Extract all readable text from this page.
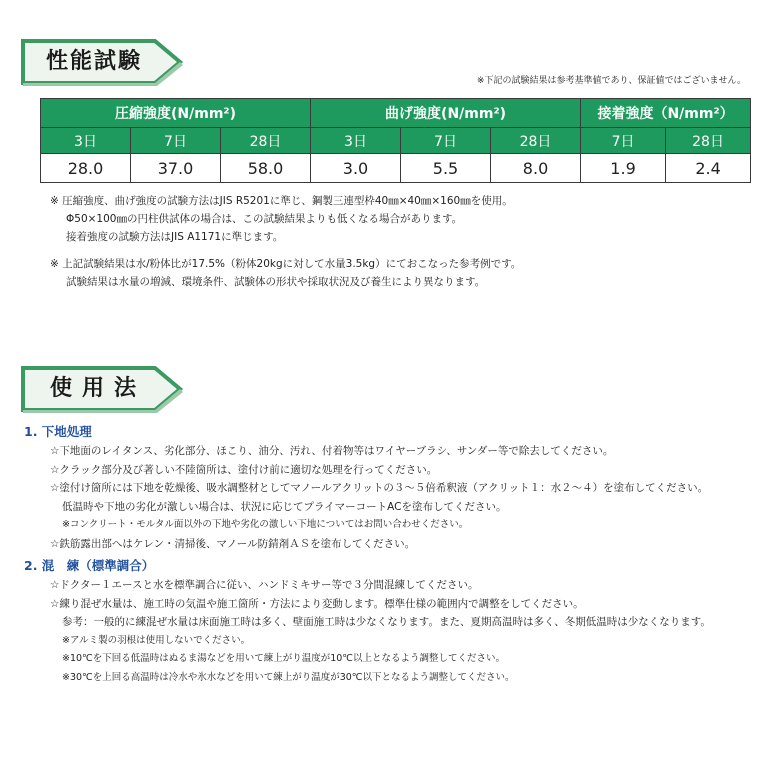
性能試験
※下記の試験結果は参考基準値であり、保証値ではございません。
圧縮強度(N/mm²)			曲げ強度(N/mm²)			接着強度（N/mm²）	
3日	7日	28日	3日	7日	28日	7日	28日
28.0	37.0	58.0	3.0	5.5	8.0	1.9	2.4
※ 圧縮強度、曲げ強度の試験方法はJIS R5201に準じ、鋼製三連型枠40㎜×40㎜×160㎜を使用。
Φ50×100㎜の円柱供試体の場合は、この試験結果よりも低くなる場合があります。
接着強度の試験方法はJIS A1171に準じます。
※ 上記試験結果は水/粉体比が17.5%（粉体20kgに対して水量3.5kg）にておこなった参考例です。
試験結果は水量の増減、環境条件、試験体の形状や採取状況及び養生により異なります。
使用法
1. 下地処理
☆下地面のレイタンス、劣化部分、ほこり、油分、汚れ、付着物等はワイヤーブラシ、サンダー等で除去してください。
☆クラック部分及び著しい不陸箇所は、塗付け前に適切な処理を行ってください。
☆塗付け箇所には下地を乾燥後、吸水調整材としてマノールアクリットの３～５倍希釈液（アクリット１：水２～４）を塗布してください。
低温時や下地の劣化が激しい場合は、状況に応じてプライマーコートACを塗布してください。
※コンクリート・モルタル面以外の下地や劣化の激しい下地についてはお問い合わせください。
☆鉄筋露出部へはケレン・清掃後、マノール防錆剤ＡＳを塗布してください。
2. 混　練（標準調合）
☆ドクター１エースと水を標準調合に従い、ハンドミキサー等で３分間混練してください。
☆練り混ぜ水量は、施工時の気温や施工箇所・方法により変動します。標準仕様の範囲内で調整をしてください。
参考：一般的に練混ぜ水量は床面施工時は多く、壁面施工時は少なくなります。また、夏期高温時は多く、冬期低温時は少なくなります。
※アルミ製の羽根は使用しないでください。
※10℃を下回る低温時はぬるま湯などを用いて練上がり温度が10℃以上となるよう調整してください。
※30℃を上回る高温時は冷水や氷水などを用いて練上がり温度が30℃以下となるよう調整してください。
